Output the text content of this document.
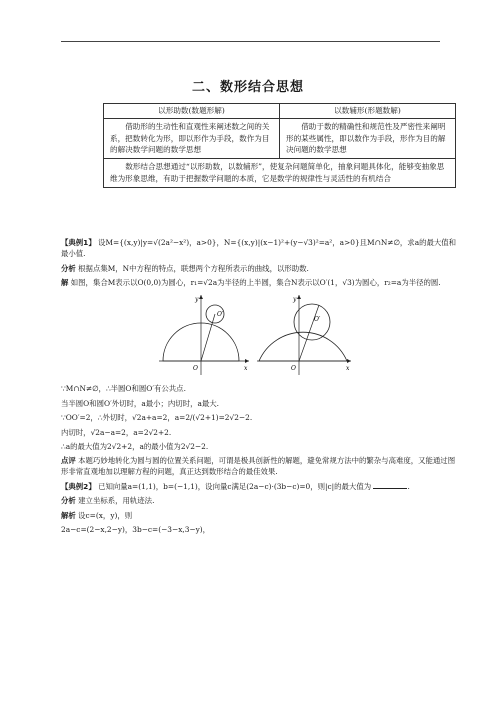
二、数形结合思想
以形助数(数题形解)	以数辅形(形题数解)
借助形的生动性和直观性来阐述数之间的关系，把数转化为形，即以形作为手段，数作为目的解决数学问题的数学思想	借助于数的精确性和规范性及严密性来阐明形的某些属性，即以数作为手段，形作为目的解决问题的数学思想
数形结合思想通过“以形助数，以数辅形”，使复杂问题简单化，抽象问题具体化，能够变抽象思维为形象思维，有助于把握数学问题的本质，它是数学的规律性与灵活性的有机结合	

【典例1】 设M={(x,y)|y=√(2a²−x²)，a>0}，N={(x,y)|(x−1)²+(y−√3)²=a²，a>0}且M∩N≠∅，求a的最大值和最小值.

分析 根据点集M，N中方程的特点，联想两个方程所表示的曲线，以形助数.

解 如图，集合M表示以O(0,0)为圆心，r₁=√2a为半径的上半圆，集合N表示以O′(1，√3)为圆心，r₂=a为半径的圆.

y
x
O
O′
y
x
O
O′

∵M∩N≠∅，∴半圆O和圆O′有公共点.

当半圆O和圆O′外切时，a最小；内切时，a最大.

∵OO′=2，∴外切时，√2a+a=2，a=2/(√2+1)=2√2−2.

内切时，√2a−a=2，a=2√2+2.

∴a的最大值为2√2+2，a的最小值为2√2−2.

点评 本题巧妙地转化为圆与圆的位置关系问题，可谓是极具创新性的解题，避免常规方法中的繁杂与高难度，又能通过图形非常直观地加以理解方程的问题，真正达到数形结合的最佳效果.

【典例2】 已知向量a=(1,1)，b=(−1,1)，设向量c满足(2a−c)·(3b−c)=0，则|c|的最大值为	.

分析 建立坐标系，用轨迹法.

解析 设c=(x，y)，则

2a−c=(2−x,2−y)，3b−c=(−3−x,3−y)，
